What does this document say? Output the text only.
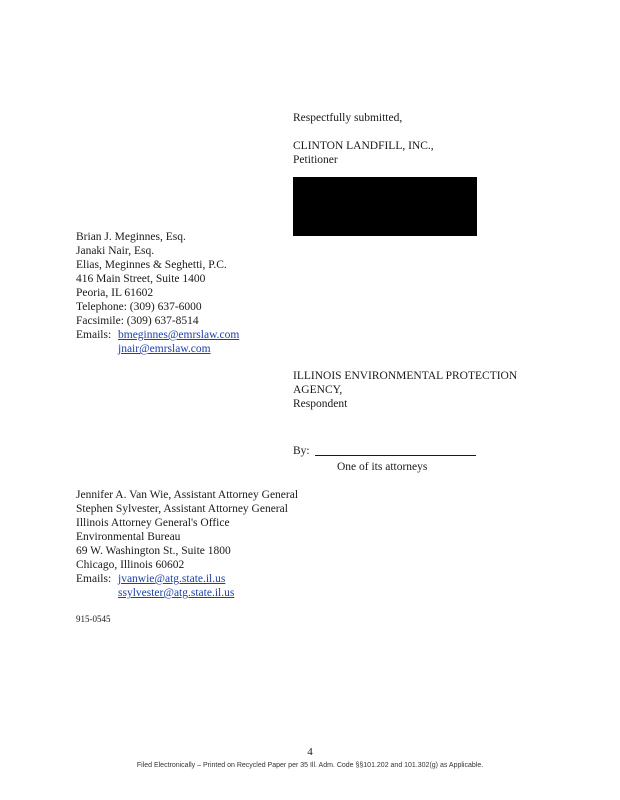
Respectfully submitted,
CLINTON LANDFILL, INC.,
Petitioner
Brian J. Meginnes, Esq.
Janaki Nair, Esq.
Elias, Meginnes & Seghetti, P.C.
416 Main Street, Suite 1400
Peoria, IL 61602
Telephone: (309) 637-6000
Facsimile: (309) 637-8514
Emails: bmeginnes@emrslaw.com
jnair@emrslaw.com
ILLINOIS ENVIRONMENTAL PROTECTION
AGENCY,
Respondent
By:
One of its attorneys
Jennifer A. Van Wie, Assistant Attorney General
Stephen Sylvester, Assistant Attorney General
Illinois Attorney General's Office
Environmental Bureau
69 W. Washington St., Suite 1800
Chicago, Illinois 60602
Emails: jvanwie@atg.state.il.us
ssylvester@atg.state.il.us
915-0545
4
Filed Electronically – Printed on Recycled Paper per 35 Ill. Adm. Code §§101.202 and 101.302(g) as Applicable.
